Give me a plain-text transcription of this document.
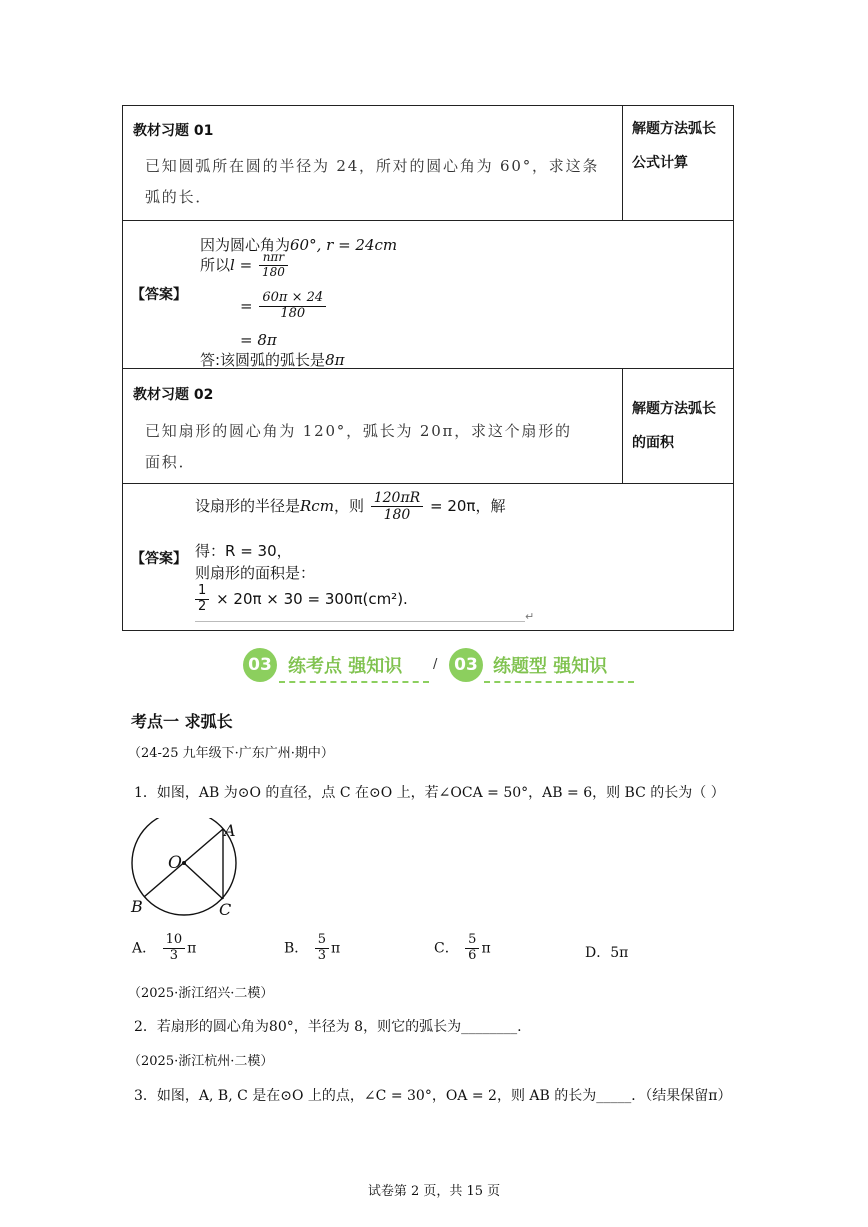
教材习题 01
已知圆弧所在圆的半径为 24，所对的圆心角为 60°，求这条
弧的长．
解题方法弧长
公式计算
【答案】
因为圆心角为60°, r = 24cm
所以$l = \frac{\text{nπr}}{180}$
= $\frac{60\pi \times 24}{180}$
= 8π
答:该圆弧的弧长是8π
教材习题 02
已知扇形的圆心角为 120°，弧长为 20π，求这个扇形的
面积．
解题方法弧长
的面积
【答案】
设扇形的半径是Rcm，则 $\frac{120\pi R}{180} = 20\pi$，解
得：R = 30，
则扇形的面积是：
$\frac{1}{2} \times 20\pi \times 30 = 300\pi(cm^2)$.
↵
03 练考点 强知识 / 03 练题型 强知识
考点一 求弧长
（24-25 九年级下·广东广州·期中）
1．如图，AB 为⊙O 的直径，点 C 在⊙O 上，若∠OCA = 50°，AB = 6，则 BC 的长为（ ）
A
O
B	C
A． $\frac{10}{3}$ π	B． $\frac{5}{3}$ π	C． $\frac{5}{6}$ π	D．5π
（2025·浙江绍兴·二模）
2．若扇形的圆心角为80°，半径为 8，则它的弧长为________.
（2025·浙江杭州·二模）
3．如图，A, B, C 是在⊙O 上的点，∠C = 30°，OA = 2，则 AB 的长为_____．（结果保留π）
试卷第 2 页，共 15 页
